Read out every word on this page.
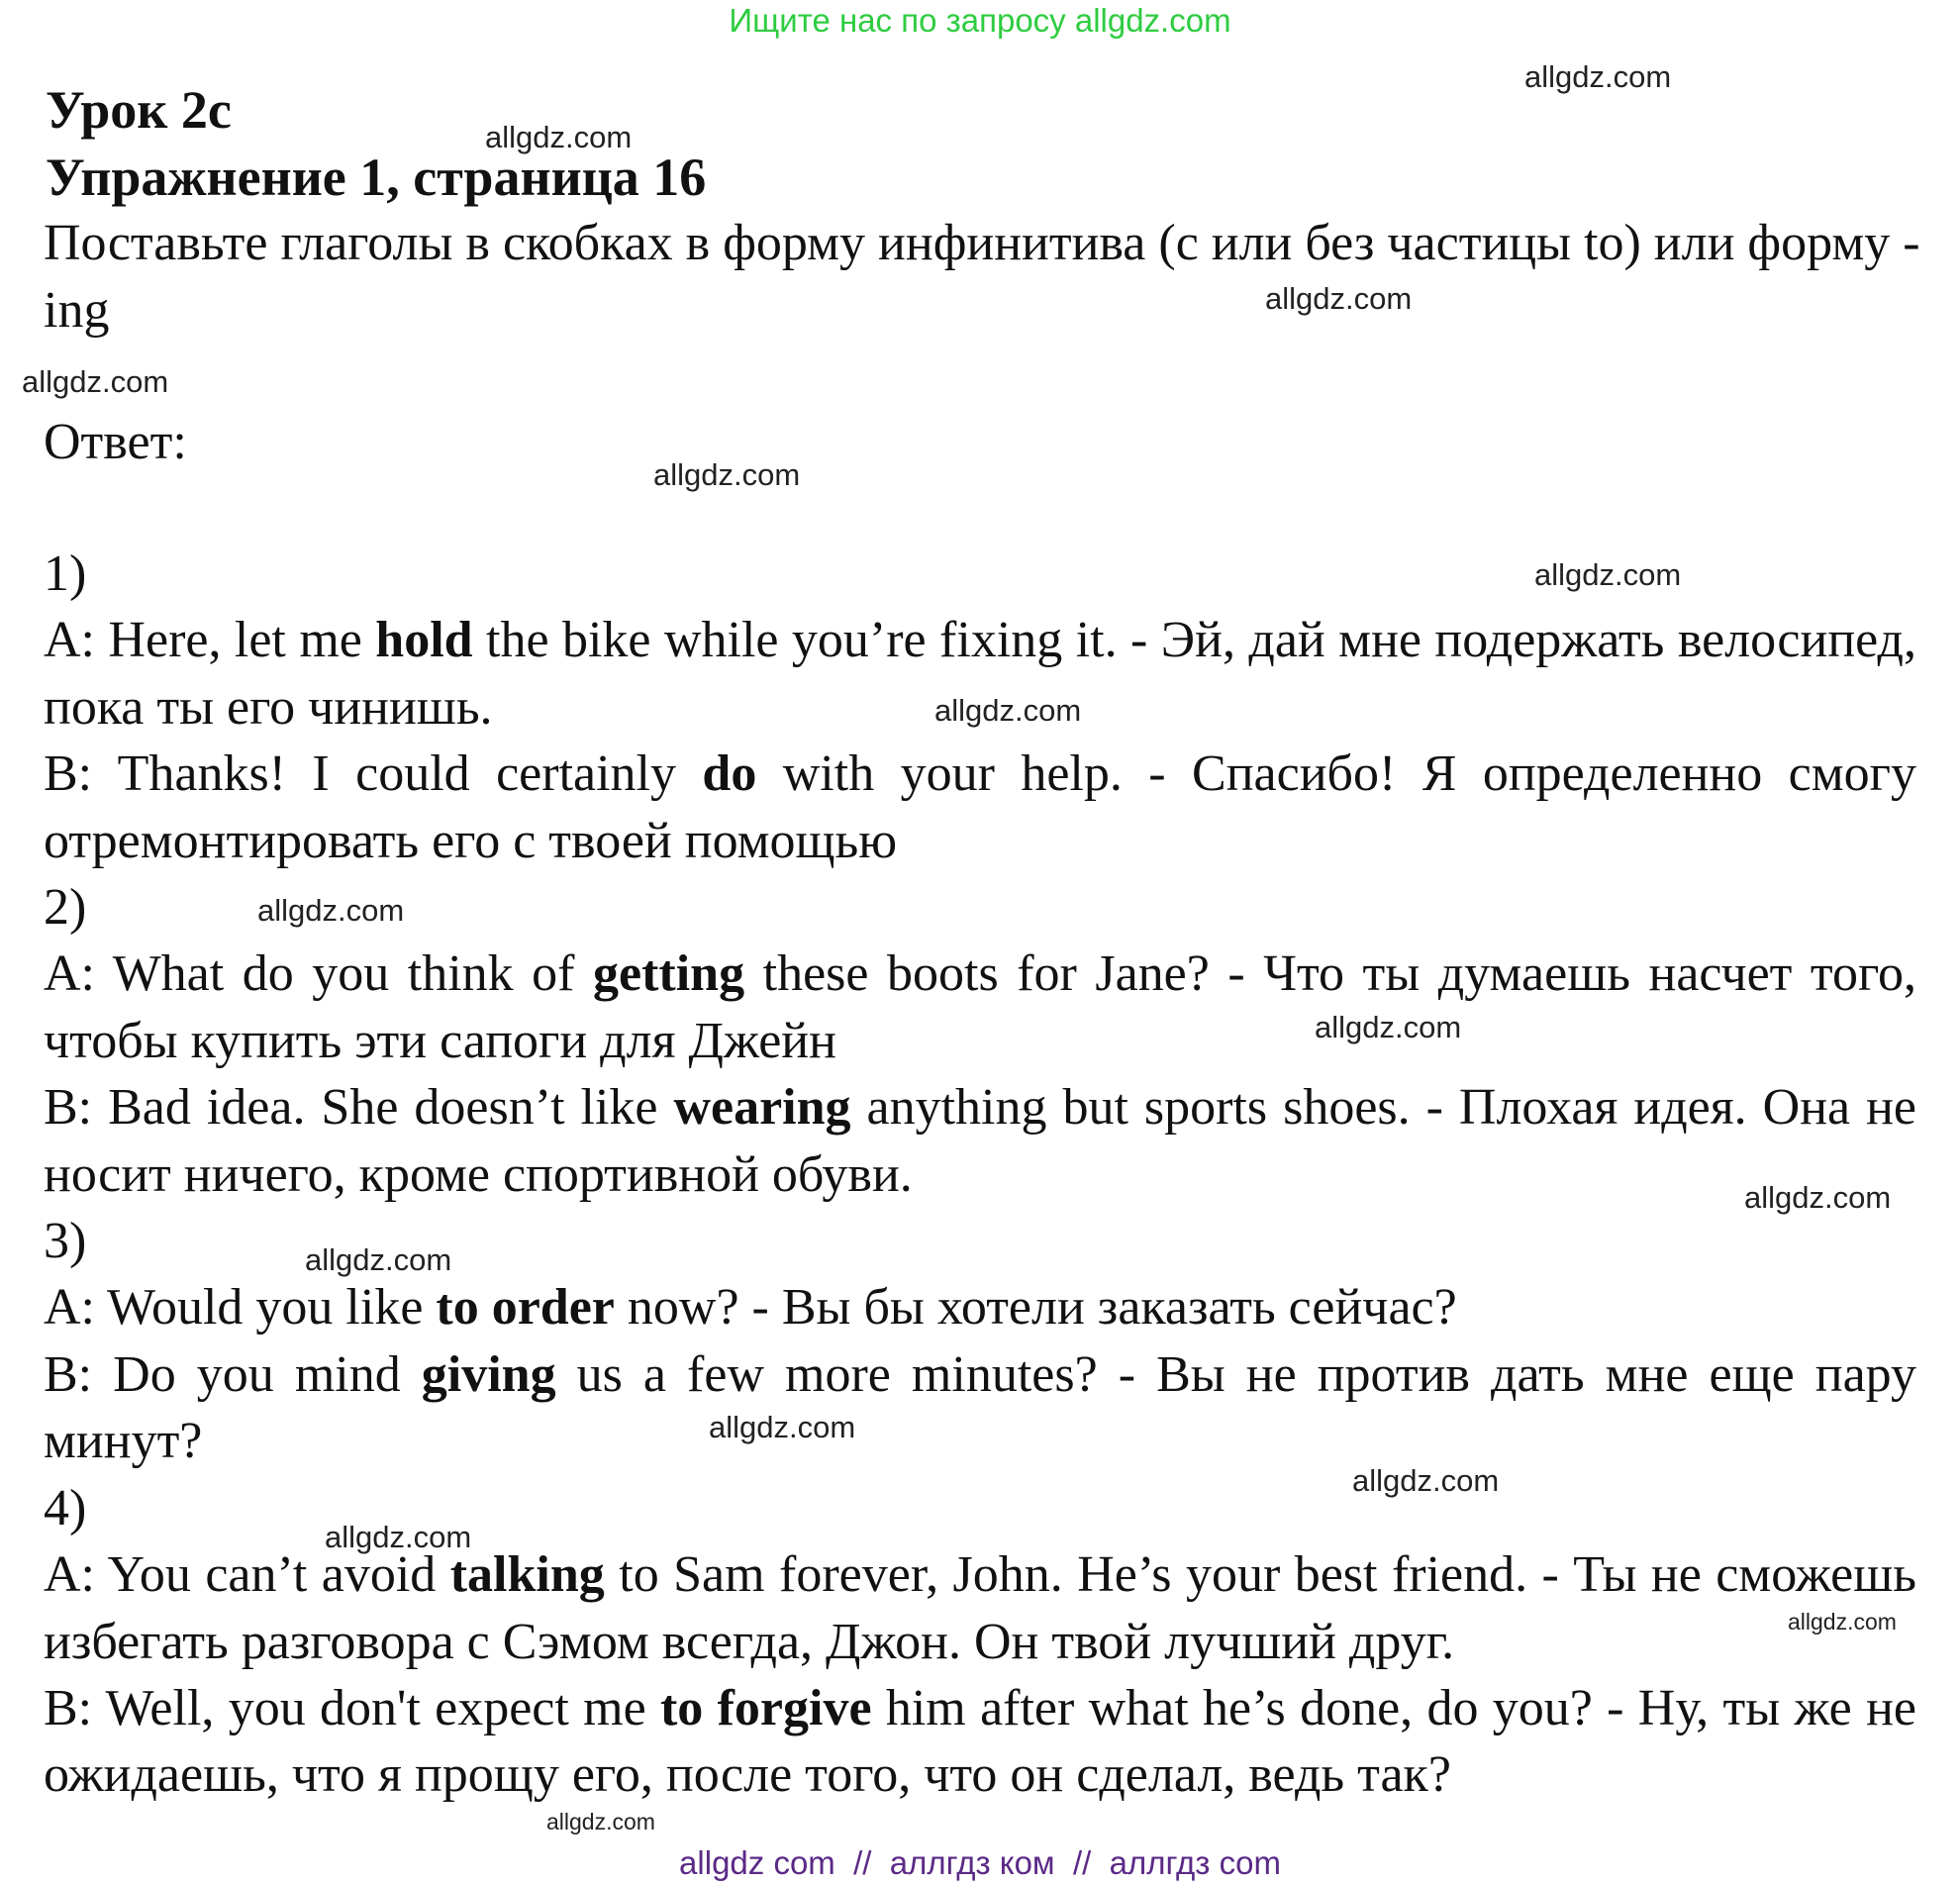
Ищите нас по запросу allgdz.com
Урок 2c
Упражнение 1, страница 16
Поставьте глаголы в скобках в форму инфинитива (с или без частицы to) или форму -ing
Ответ:
1)
A: Here, let me hold the bike while you’re fixing it. - Эй, дай мне подержать велосипед, пока ты его чинишь.
B: Thanks! I could certainly do with your help. - Спасибо! Я определенно смогу отремонтировать его с твоей помощью
2)
A: What do you think of getting these boots for Jane? - Что ты думаешь насчет того, чтобы купить эти сапоги для Джейн
B: Bad idea. She doesn’t like wearing anything but sports shoes. - Плохая идея. Она не носит ничего, кроме спортивной обуви.
3)
A: Would you like to order now? - Вы бы хотели заказать сейчас?
B: Do you mind giving us a few more minutes? - Вы не против дать мне еще пару минут?
4)
A: You can’t avoid talking to Sam forever, John. He’s your best friend. - Ты не сможешь избегать разговора с Сэмом всегда, Джон. Он твой лучший друг.
B: Well, you don't expect me to forgive him after what he’s done, do you? - Ну, ты же не ожидаешь, что я прощу его, после того, что он сделал, ведь так?
allgdz.com
allgdz.com
allgdz.com
allgdz.com
allgdz.com
allgdz.com
allgdz.com
allgdz.com
allgdz.com
allgdz.com
allgdz.com
allgdz.com
allgdz.com
allgdz.com
allgdz.com
allgdz.com
allgdz com  //  аллгдз ком  //  аллгдз com
